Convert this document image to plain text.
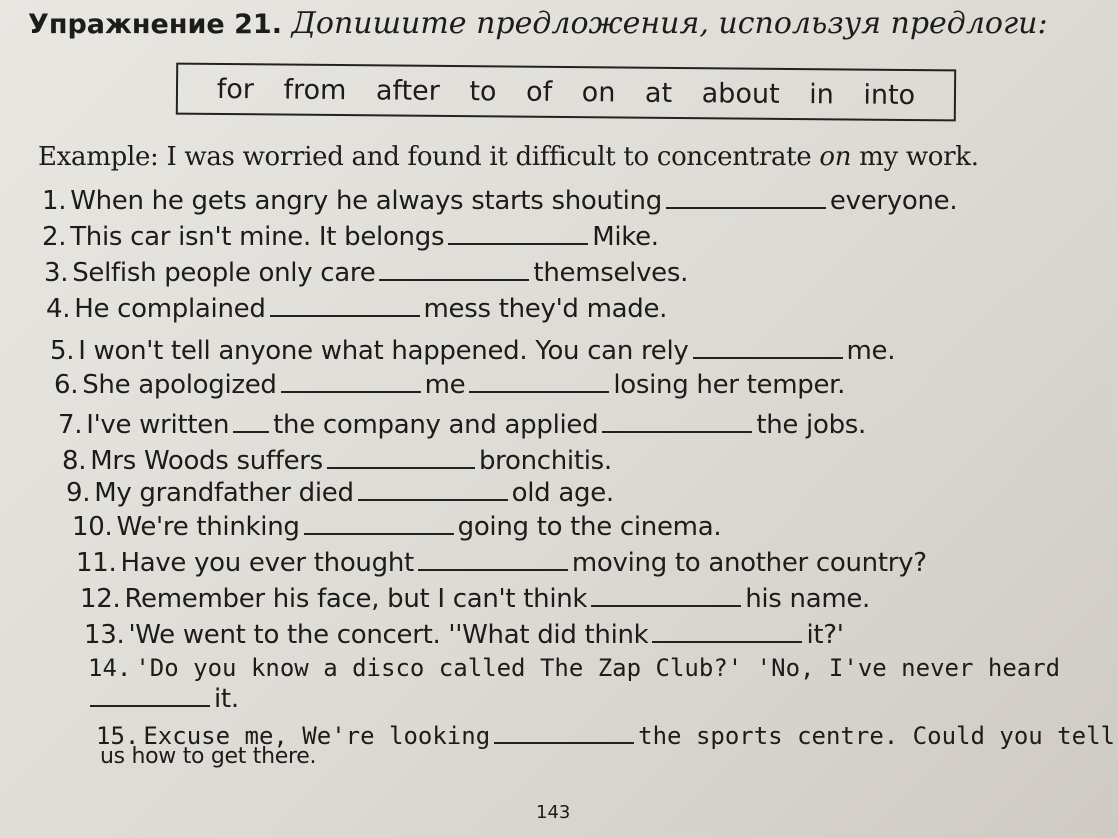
Упражнение 21. Допишите предложения, используя предлоги:
for from after to of on at about in into
Example: I was worried and found it difficult to concentrate on my work.
1. When he gets angry he always starts shouting	everyone.
2. This car isn't mine. It belongs	Mike.
3. Selfish people only care	themselves.
4. He complained	mess they'd made.
5. I won't tell anyone what happened. You can rely	me.
6. She apologized	me	losing her temper.
7. I've written the company and applied	the jobs.
8. Mrs Woods suffers	bronchitis.
9. My grandfather died	old age.
10. We're thinking	going to the cinema.
11. Have you ever thought	moving to another country?
12. Remember his face, but I can't think	his name.
13. 'We went to the concert. ''What did think	it?'
14. 'Do you know a disco called The Zap Club?' 'No, I've never heard
it.
15. Excuse me, We're looking	the sports centre. Could you tell
us how to get there.
143
